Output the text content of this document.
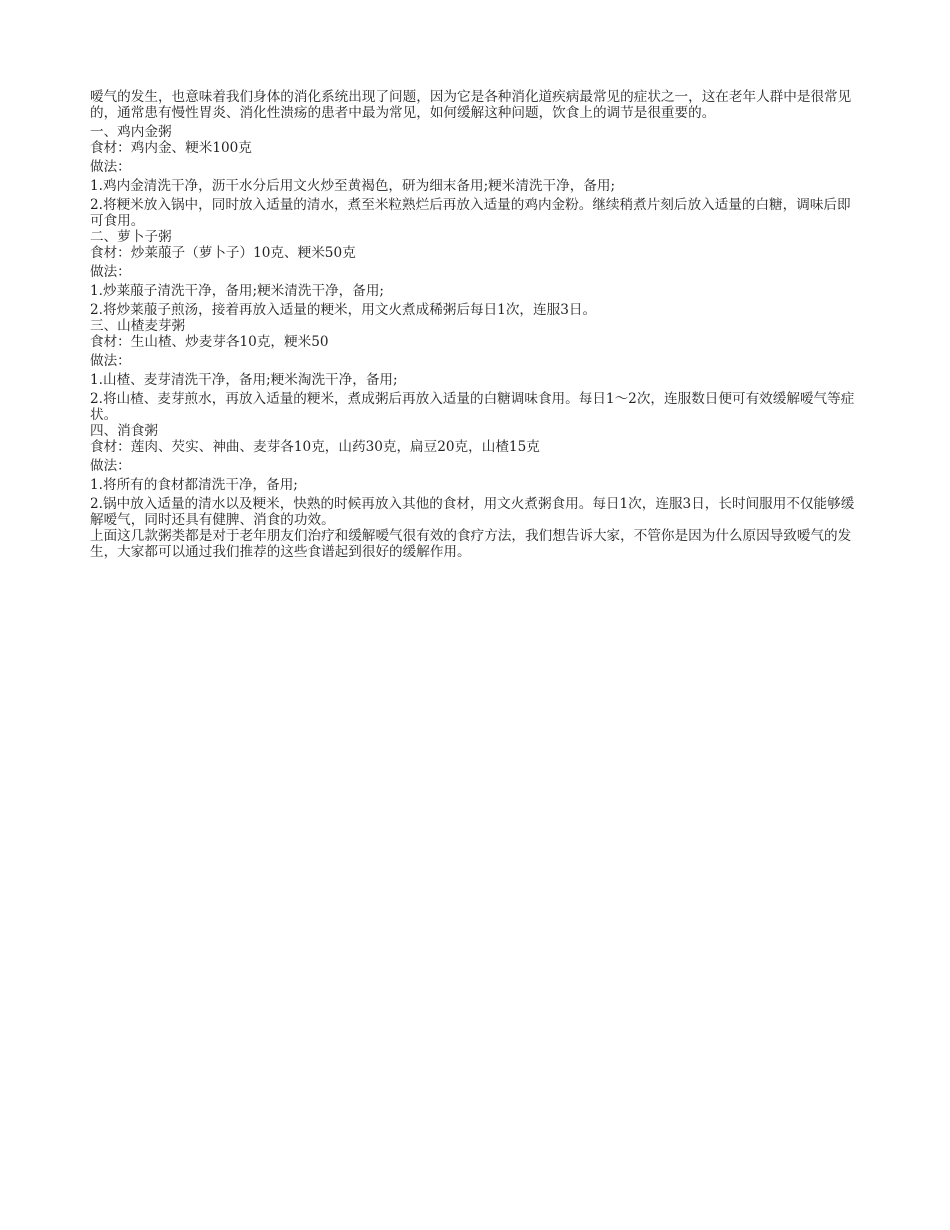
嗳气的发生，也意味着我们身体的消化系统出现了问题，因为它是各种消化道疾病最常见的症状之一，这在老年人群中是很常见的，通常患有慢性胃炎、消化性溃疡的患者中最为常见，如何缓解这种问题，饮食上的调节是很重要的。

一、鸡内金粥

食材：鸡内金、粳米100克

做法：

1.鸡内金清洗干净，沥干水分后用文火炒至黄褐色，研为细末备用;粳米清洗干净，备用;

2.将粳米放入锅中，同时放入适量的清水，煮至米粒熟烂后再放入适量的鸡内金粉。继续稍煮片刻后放入适量的白糖，调味后即可食用。

二、萝卜子粥

食材：炒莱菔子（萝卜子）10克、粳米50克

做法：

1.炒莱菔子清洗干净，备用;粳米清洗干净，备用;

2.将炒莱菔子煎汤，接着再放入适量的粳米，用文火煮成稀粥后每日1次，连服3日。

三、山楂麦芽粥

食材：生山楂、炒麦芽各10克，粳米50

做法：

1.山楂、麦芽清洗干净，备用;粳米淘洗干净，备用;

2.将山楂、麦芽煎水，再放入适量的粳米，煮成粥后再放入适量的白糖调味食用。每日1～2次，连服数日便可有效缓解嗳气等症状。

四、消食粥

食材：莲肉、芡实、神曲、麦芽各10克，山药30克，扁豆20克，山楂15克

做法：

1.将所有的食材都清洗干净，备用;

2.锅中放入适量的清水以及粳米，快熟的时候再放入其他的食材，用文火煮粥食用。每日1次，连服3日，长时间服用不仅能够缓解嗳气，同时还具有健脾、消食的功效。

上面这几款粥类都是对于老年朋友们治疗和缓解嗳气很有效的食疗方法，我们想告诉大家，不管你是因为什么原因导致嗳气的发生，大家都可以通过我们推荐的这些食谱起到很好的缓解作用。
